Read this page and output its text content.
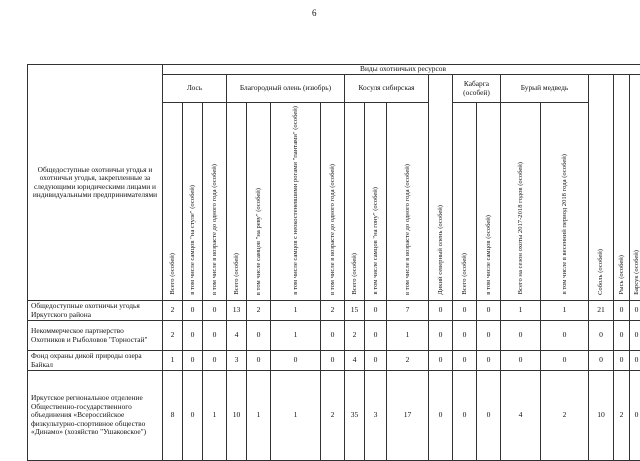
6
Общедоступные охотничьи угодья и охотничьи угодья, закрепленные за следующими юридическими лицами и индивидуальными предпринимателями	Виды охотничьих ресурсов																	
	Лось			Благородный олень (изюбрь)				Косуля сибирская			Дикий северный олень (особей)	Кабарга (особей)		Бурый медведь		Соболь (особей)	Рысь (особей)	Барсук (особей)
	Всего (особей)	в том числе самцов "на стуле" (особей)	в том числе в возрасте до одного года (особей)	Всего (особей)	в том числе самцов "на реву" (особей)	в том числе самцов с неокостеневшими рогами "пантами" (особей)	в том числе в возрасте до одного года (особей)	Всего (особей)	в том числе самцов "на гону" (особей)	в том числе в возрасте до одного года (особей)		Всего (особей)	в том числе самцов (особей)	Всего на сезон охоты 2017-2018 годов (особей)	в том числе в весенний период 2018 года (особей)			
Общедоступные охотничьи угодья Иркутского района	2	0	0	13	2	1	2	15	0	7	0	0	0	1	1	21	0	0
Некоммерческое партнерство Охотников и Рыболовов "Горностай"	2	0	0	4	0	1	0	2	0	1	0	0	0	0	0	0	0	0
Фонд охраны дикой природы озера Байкал	1	0	0	3	0	0	0	4	0	2	0	0	0	0	0	0	0	0
Иркутское региональное отделение Общественно-государственного объединения «Всероссийское физкультурно-спортивное общество «Динамо» (хозяйство "Ушаковское")	8	0	1	10	1	1	2	35	3	17	0	0	0	4	2	10	2	0
